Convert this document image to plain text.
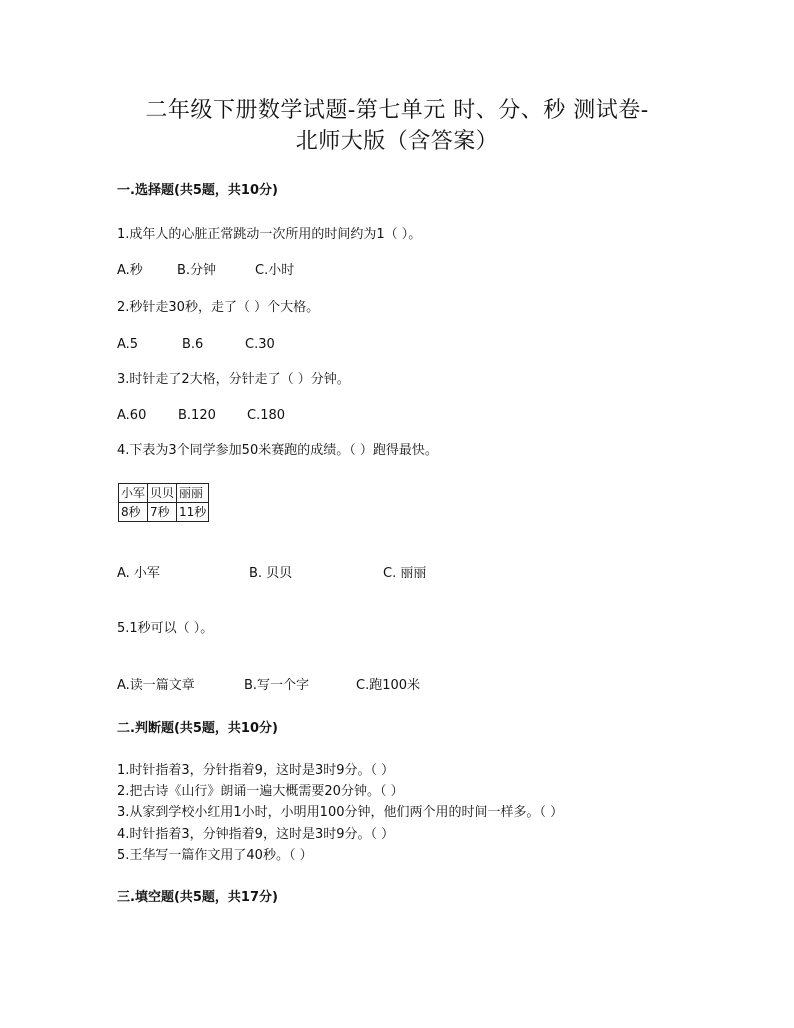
二年级下册数学试题-第七单元 时、分、秒 测试卷-
北师大版（含答案）
一.选择题(共5题，共10分)
1.成年人的心脏正常跳动一次所用的时间约为1（ ）。
A.秒	B.分钟	C.小时
2.秒针走30秒，走了（ ）个大格。
A.5	B.6	C.30
3.时针走了2大格，分针走了（ ）分钟。
A.60 B.120 C.180
4.下表为3个同学参加50米赛跑的成绩。（ ）跑得最快。
小军	贝贝	丽丽
8秒	7秒	11秒
A. 小军	B. 贝贝	C. 丽丽
5.1秒可以（ ）。
A.读一篇文章	B.写一个字	C.跑100米
二.判断题(共5题，共10分)
1.时针指着3，分针指着9，这时是3时9分。（ ）
2.把古诗《山行》朗诵一遍大概需要20分钟。（ ）
3.从家到学校小红用1小时，小明用100分钟，他们两个用的时间一样多。（ ）
4.时针指着3，分钟指着9，这时是3时9分。（ ）
5.王华写一篇作文用了40秒。（ ）
三.填空题(共5题，共17分)
